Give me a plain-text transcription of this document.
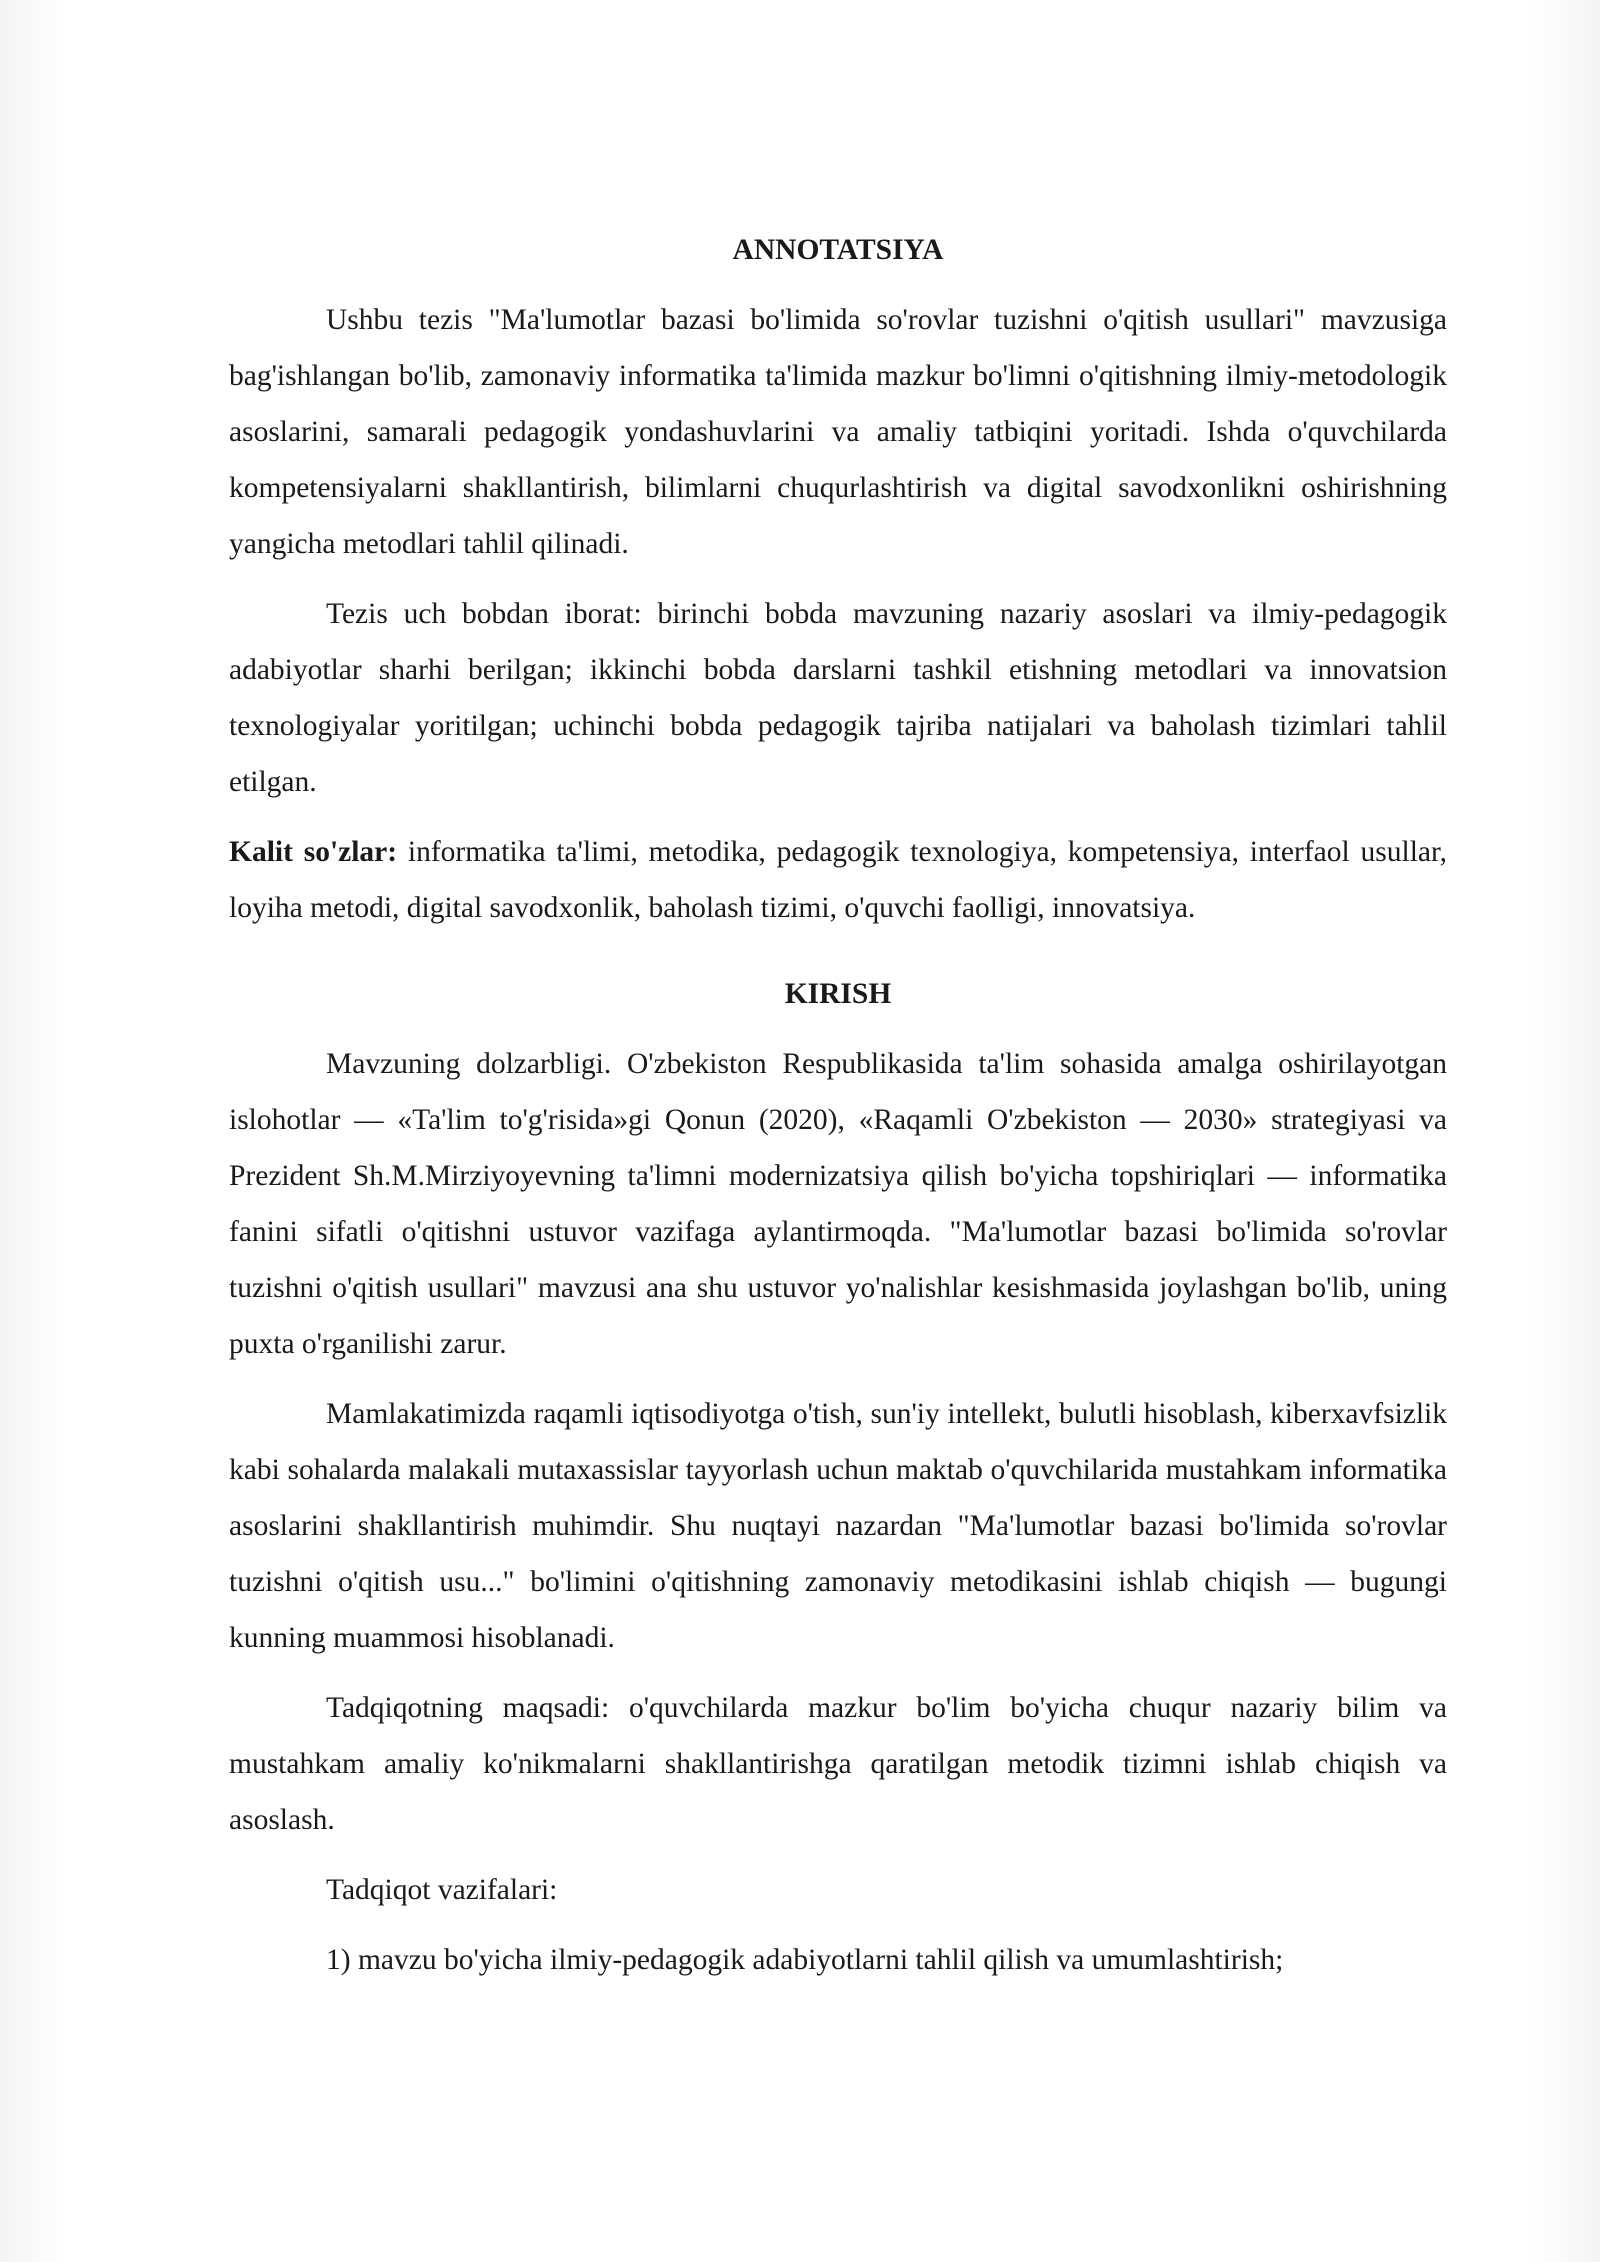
ANNOTATSIYA

Ushbu tezis "Ma'lumotlar bazasi bo'limida so'rovlar tuzishni o'qitish usullari" mavzusiga bag'ishlangan bo'lib, zamonaviy informatika ta'limida mazkur bo'limni o'qitishning ilmiy-metodologik asoslarini, samarali pedagogik yondashuvlarini va amaliy tatbiqini yoritadi. Ishda o'quvchilarda kompetensiyalarni shakllantirish, bilimlarni chuqurlashtirish va digital savodxonlikni oshirishning yangicha metodlari tahlil qilinadi.

Tezis uch bobdan iborat: birinchi bobda mavzuning nazariy asoslari va ilmiy-pedagogik adabiyotlar sharhi berilgan; ikkinchi bobda darslarni tashkil etishning metodlari va innovatsion texnologiyalar yoritilgan; uchinchi bobda pedagogik tajriba natijalari va baholash tizimlari tahlil etilgan.

Kalit so'zlar: informatika ta'limi, metodika, pedagogik texnologiya, kompetensiya, interfaol usullar, loyiha metodi, digital savodxonlik, baholash tizimi, o'quvchi faolligi, innovatsiya.

KIRISH

Mavzuning dolzarbligi. O'zbekiston Respublikasida ta'lim sohasida amalga oshirilayotgan islohotlar — «Ta'lim to'g'risida»gi Qonun (2020), «Raqamli O'zbekiston — 2030» strategiyasi va Prezident Sh.M.Mirziyoyevning ta'limni modernizatsiya qilish bo'yicha topshiriqlari — informatika fanini sifatli o'qitishni ustuvor vazifaga aylantirmoqda. "Ma'lumotlar bazasi bo'limida so'rovlar tuzishni o'qitish usullari" mavzusi ana shu ustuvor yo'nalishlar kesishmasida joylashgan bo'lib, uning puxta o'rganilishi zarur.

Mamlakatimizda raqamli iqtisodiyotga o'tish, sun'iy intellekt, bulutli hisoblash, kiberxavfsizlik kabi sohalarda malakali mutaxassislar tayyorlash uchun maktab o'quvchilarida mustahkam informatika asoslarini shakllantirish muhimdir. Shu nuqtayi nazardan "Ma'lumotlar bazasi bo'limida so'rovlar tuzishni o'qitish usu..." bo'limini o'qitishning zamonaviy metodikasini ishlab chiqish — bugungi kunning muammosi hisoblanadi.

Tadqiqotning maqsadi: o'quvchilarda mazkur bo'lim bo'yicha chuqur nazariy bilim va mustahkam amaliy ko'nikmalarni shakllantirishga qaratilgan metodik tizimni ishlab chiqish va asoslash.

Tadqiqot vazifalari:

1) mavzu bo'yicha ilmiy-pedagogik adabiyotlarni tahlil qilish va umumlashtirish;
